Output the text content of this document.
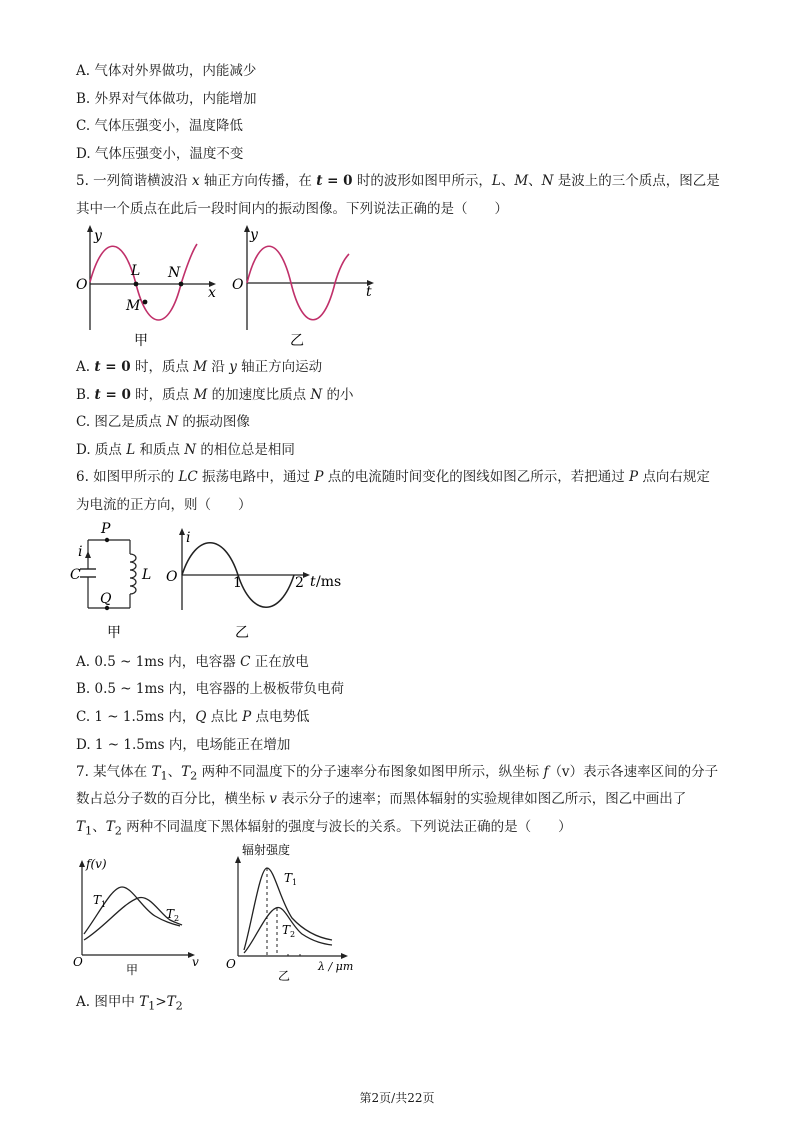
A. 气体对外界做功，内能减少
B. 外界对气体做功，内能增加
C. 气体压强变小，温度降低
D. 气体压强变小，温度不变
5. 一列简谐横波沿 x 轴正方向传播，在 t = 0 时的波形如图甲所示，L、M、N 是波上的三个质点，图乙是
其中一个质点在此后一段时间内的振动图像。下列说法正确的是（　　）
y
O	x
L
M
N
甲
y
O	t
乙
A. t = 0 时，质点 M 沿 y 轴正方向运动
B. t = 0 时，质点 M 的加速度比质点 N 的小
C. 图乙是质点 N 的振动图像
D. 质点 L 和质点 N 的相位总是相同
6. 如图甲所示的 LC 振荡电路中，通过 P 点的电流随时间变化的图线如图乙所示，若把通过 P 点向右规定
为电流的正方向，则（　　）
P
Q
i
C	L
甲
i
O	1	2 t /ms
乙
A. 0.5 ~ 1ms 内，电容器 C 正在放电
B. 0.5 ~ 1ms 内，电容器的上极板带负电荷
C. 1 ~ 1.5ms 内，Q 点比 P 点电势低
D. 1 ~ 1.5ms 内，电场能正在增加
7. 某气体在 $T_1$、$T_2$ 两种不同温度下的分子速率分布图象如图甲所示，纵坐标 f（v）表示各速率区间的分子
数占总分子数的百分比，横坐标 v 表示分子的速率；而黑体辐射的实验规律如图乙所示，图乙中画出了
$T_1$、$T_2$ 两种不同温度下黑体辐射的强度与波长的关系。下列说法正确的是（　　）
f(v)
O	v
$T_1$
$T_2$
甲
辐射强度
O	λ / μm
$T_1$
$T_2$
乙
A. 图甲中 $T_1>T_2$
第2页/共22页
